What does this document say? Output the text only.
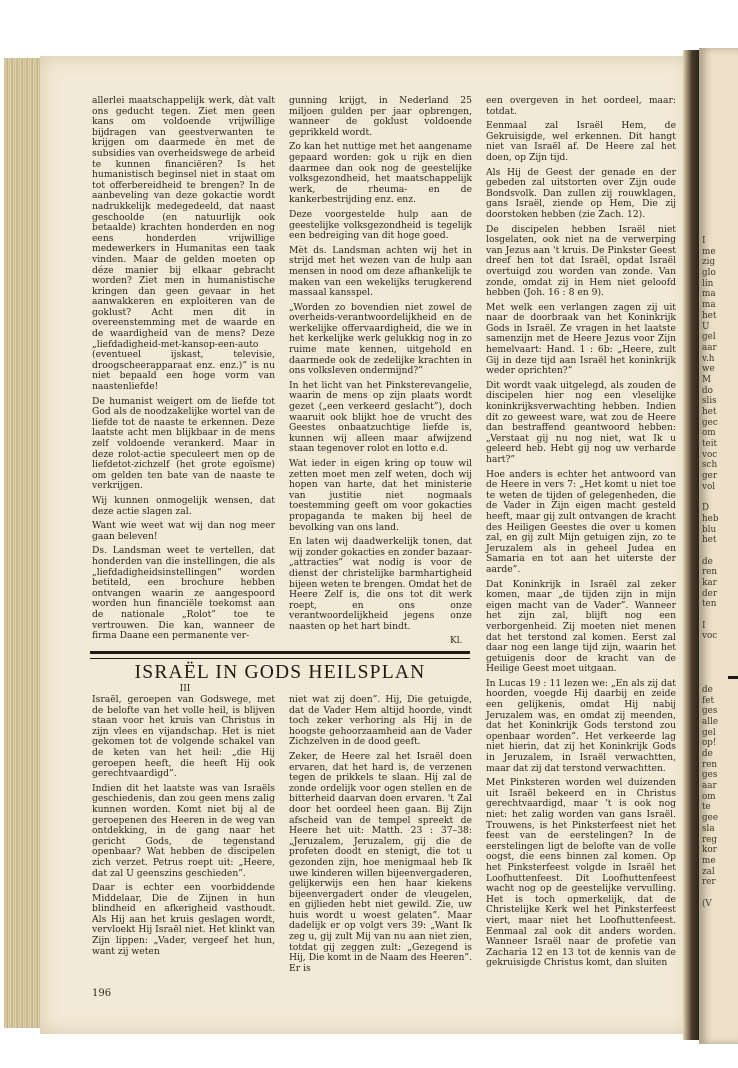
allerlei maatschappelijk werk, dàt valt ons geducht tegen. Ziet men geen kans om voldoende vrijwillige bijdragen van geestverwanten te krijgen om daarmede èn met de subsidies van overheidswege de arbeid te kunnen financiëren? Is het humanistisch beginsel niet in staat om tot offerbereidheid te brengen? In de aanbeveling van deze gokactie wordt nadrukkelijk medegedeeld, dat naast geschoolde (en natuurlijk ook betaalde) krachten honderden en nog eens honderden vrijwillige medewerkers in Humanitas een taak vinden. Maar de gelden moeten op déze manier bij elkaar gebracht worden? Ziet men in humanistische kringen dan geen gevaar in het aanwakkeren en exploiteren van de goklust? Acht men dit in overeenstemming met de waarde en de waardigheid van de mens? Deze „liefdadigheid-met-kansop-een-auto (eventueel ijskast, televisie, droogscheerapparaat enz. enz.)” is nu niet bepaald een hoge vorm van naastenliefde!

De humanist weigert om de liefde tot God als de noodzakelijke wortel van de liefde tot de naaste te erkennen. Deze laatste acht men blijkbaar in de mens zelf voldoende verankerd. Maar in deze rolot-actie speculeert men op de liefdetot-zichzelf (het grote egoïsme) om gelden ten bate van de naaste te verkrijgen.

Wij kunnen onmogelijk wensen, dat deze actie slagen zal.

Want wie weet wat wij dan nog meer gaan beleven!

Ds. Landsman weet te vertellen, dat honderden van die instellingen, die als „liefdadigheidsinstellingen” worden betiteld, een brochure hebben ontvangen waarin ze aangespoord worden hun financiële toekomst aan de nationale „Rolot” toe te vertrouwen. Die kan, wanneer de firma Daane een permanente ver-

gunning krijgt, in Nederland 25 miljoen gulden per jaar opbrengen, wanneer de goklust voldoende geprikkeld wordt.

Zo kan het nuttige met het aangename gepaard worden: gok u rijk en dien daarmee dan ook nog de geestelijke volksgezondheid, het maatschappelijk werk, de rheuma- en de kankerbestrijding enz. enz.

Deze voorgestelde hulp aan de geestelijke volksgezondheid is tegelijk een bedreiging van dit hoge goed.

Mèt ds. Landsman achten wij het in strijd met het wezen van de hulp aan mensen in nood om deze afhankelijk te maken van een wekelijks terugkerend massaal kansspel.

„Worden zo bovendien niet zowel de overheids-verantwoordelijkheid en de werkelijke offervaardigheid, die we in het kerkelijke werk gelukkig nog in zo ruime mate kennen, uitgehold en daarmede ook de zedelijke krachten in ons volksleven ondermijnd?”

In het licht van het Pinksterevangelie, waarin de mens op zijn plaats wordt gezet („een verkeerd geslacht”), doch waaruit ook blijkt hoe de vrucht des Geestes onbaatzuchtige liefde is, kunnen wij alleen maar afwijzend staan tegenover rolot en lotto e.d.

Wat ieder in eigen kring op touw wil zetten moet men zelf weten, doch wij hopen van harte, dat het ministerie van justitie niet nogmaals toestemming geeft om voor gokacties propaganda te maken bij heel de bevolking van ons land.

En laten wij daadwerkelijk tonen, dat wij zonder gokacties en zonder bazaar-„attracties” wat nodig is voor de dienst der christelijke barmhartigheid bijeen weten te brengen. Omdat het de Heere Zelf is, die ons tot dit werk roept, en ons onze verantwoordelijkheid jegens onze naasten op het hart bindt.

Kl.

een overgeven in het oordeel, maar: totdat.

Eenmaal zal Israël Hem, de Gekruisigde, wel erkennen. Dit hangt niet van Israël af. De Heere zal het doen, op Zijn tijd.

Als Hij de Geest der genade en der gebeden zal uitstorten over Zijn oude Bondsvolk. Dan zullen zij rouwklagen, gans Israël, ziende op Hem, Die zij doorstoken hebben (zie Zach. 12).

De discipelen hebben Israël niet losgelaten, ook niet na de verwerping van Jezus aan 't kruis. De Pinkster Geest dreef hen tot dat Israël, opdat Israël overtuigd zou worden van zonde. Van zonde, omdat zij in Hem niet geloofd hebben (Joh. 16 : 8 en 9).

Met welk een verlangen zagen zij uit naar de doorbraak van het Koninkrijk Gods in Israël. Ze vragen in het laatste samenzijn met de Heere Jezus voor Zijn hemelvaart: Hand. 1 : 6b: „Heere, zult Gij in deze tijd aan Israël het koninkrijk weder oprichten?”

Dit wordt vaak uitgelegd, als zouden de discipelen hier nog een vleselijke koninkrijksverwachting hebben. Indien dit zo geweest ware, wat zou de Heere dan bestraffend geantwoord hebben: „Verstaat gij nu nog niet, wat Ik u geleerd heb. Hebt gij nog uw verharde hart?”

Hoe anders is echter het antwoord van de Heere in vers 7: „Het komt u niet toe te weten de tijden of gelegenheden, die de Vader in Zijn eigen macht gesteld heeft, maar gij zult ontvangen de kracht des Heiligen Geestes die over u komen zal, en gij zult Mijn getuigen zijn, zo te Jeruzalem als in geheel Judea en Samaria en tot aan het uiterste der aarde”.

Dat Koninkrijk in Israël zal zeker komen, maar „de tijden zijn in mijn eigen macht van de Vader”. Wanneer het zijn zal, blijft nog een verborgenheid. Zij moeten niet menen dat het terstond zal komen. Eerst zal daar nog een lange tijd zijn, waarin het getuigenis door de kracht van de Heilige Geest moet uitgaan.

In Lucas 19 : 11 lezen we: „En als zij dat hoorden, voegde Hij daarbij en zeide een gelijkenis, omdat Hij nabij Jeruzalem was, en omdat zij meenden, dat het Koninkrijk Gods terstond zou openbaar worden”. Het verkeerde lag niet hierin, dat zij het Koninkrijk Gods in Jeruzalem, in Israël verwachtten, maar dat zij dat terstond verwachtten.

Met Pinksteren worden wel duizenden uit Israël bekeerd en in Christus gerechtvaardigd, maar 't is ook nog niet: het zalig worden van gans Israël. Trouwens, is het Pinksterfeest niet het feest van de eerstelingen? In de eerstelingen ligt de belofte van de volle oogst, die eens binnen zal komen. Op het Pinksterfeest volgde in Israël het Loofhuttenfeest. Dit Loofhuttenfeest wacht nog op de geestelijke vervulling. Het is toch opmerkelijk, dat de Christelijke Kerk wel het Pinksterfeest viert, maar niet het Loofhuttenfeest. Eenmaal zal ook dit anders worden. Wanneer Israël naar de profetie van Zacharia 12 en 13 tot de kennis van de gekruisigde Christus komt, dan sluiten

ISRAËL IN GODS HEILSPLAN
III

Israël, geroepen van Godswege, met de belofte van het volle heil, is blijven staan voor het kruis van Christus in zijn vlees en vijandschap. Het is niet gekomen tot de volgende schakel van de keten van het heil: „die Hij geroepen heeft, die heeft Hij ook gerechtvaardigd”.

Indien dit het laatste was van Israëls geschiedenis, dan zou geen mens zalig kunnen worden. Komt niet bij al de geroepenen des Heeren in de weg van ontdekking, in de gang naar het gericht Gods, de tegenstand openbaar? Wat hebben de discipelen zich verzet. Petrus roept uit: „Heere, dat zal U geenszins geschieden”.

Daar is echter een voorbiddende Middelaar, Die de Zijnen in hun blindheid en afkerigheid vasthoudt. Als Hij aan het kruis geslagen wordt, vervloekt Hij Israël niet. Het klinkt van Zijn lippen: „Vader, vergeef het hun, want zij weten

niet wat zij doen”. Hij, Die getuigde, dat de Vader Hem altijd hoorde, vindt toch zeker verhoring als Hij in de hoogste gehoorzaamheid aan de Vader Zichzelven in de dood geeft.

Zeker, de Heere zal het Israël doen ervaren, dat het hard is, de verzenen tegen de prikkels te slaan. Hij zal de zonde ordelijk voor ogen stellen en de bitterheid daarvan doen ervaren. 't Zal door het oordeel heen gaan. Bij Zijn afscheid van de tempel spreekt de Heere het uit: Matth. 23 : 37–38: „Jeruzalem, Jeruzalem, gij die de profeten doodt en stenigt, die tot u gezonden zijn, hoe menigmaal heb Ik uwe kinderen willen bijeenvergaderen, gelijkerwijs een hen haar kiekens bijeenvergadert onder de vleugelen, en gijlieden hebt niet gewild. Zie, uw huis wordt u woest gelaten”. Maar dadelijk er op volgt vers 39: „Want Ik zeg u, gij zult Mij van nu aan niet zien, totdat gij zeggen zult: „Gezegend is Hij, Die komt in de Naam des Heeren”. Er is

196
I
me
zig
glo
lin
ma
ma
het
U
gel
aar
v.h
we
M
do
slis
het
gec
om
teit
voc
sch
ger
vol
D
heb
blu
het
de
ren
kar
der
ten
I
voc
de
fet
ges
alle
gel
op!
de
ren
ges
aar
om
te
gee
sla
reg
kor
me
zal
rer
(V
